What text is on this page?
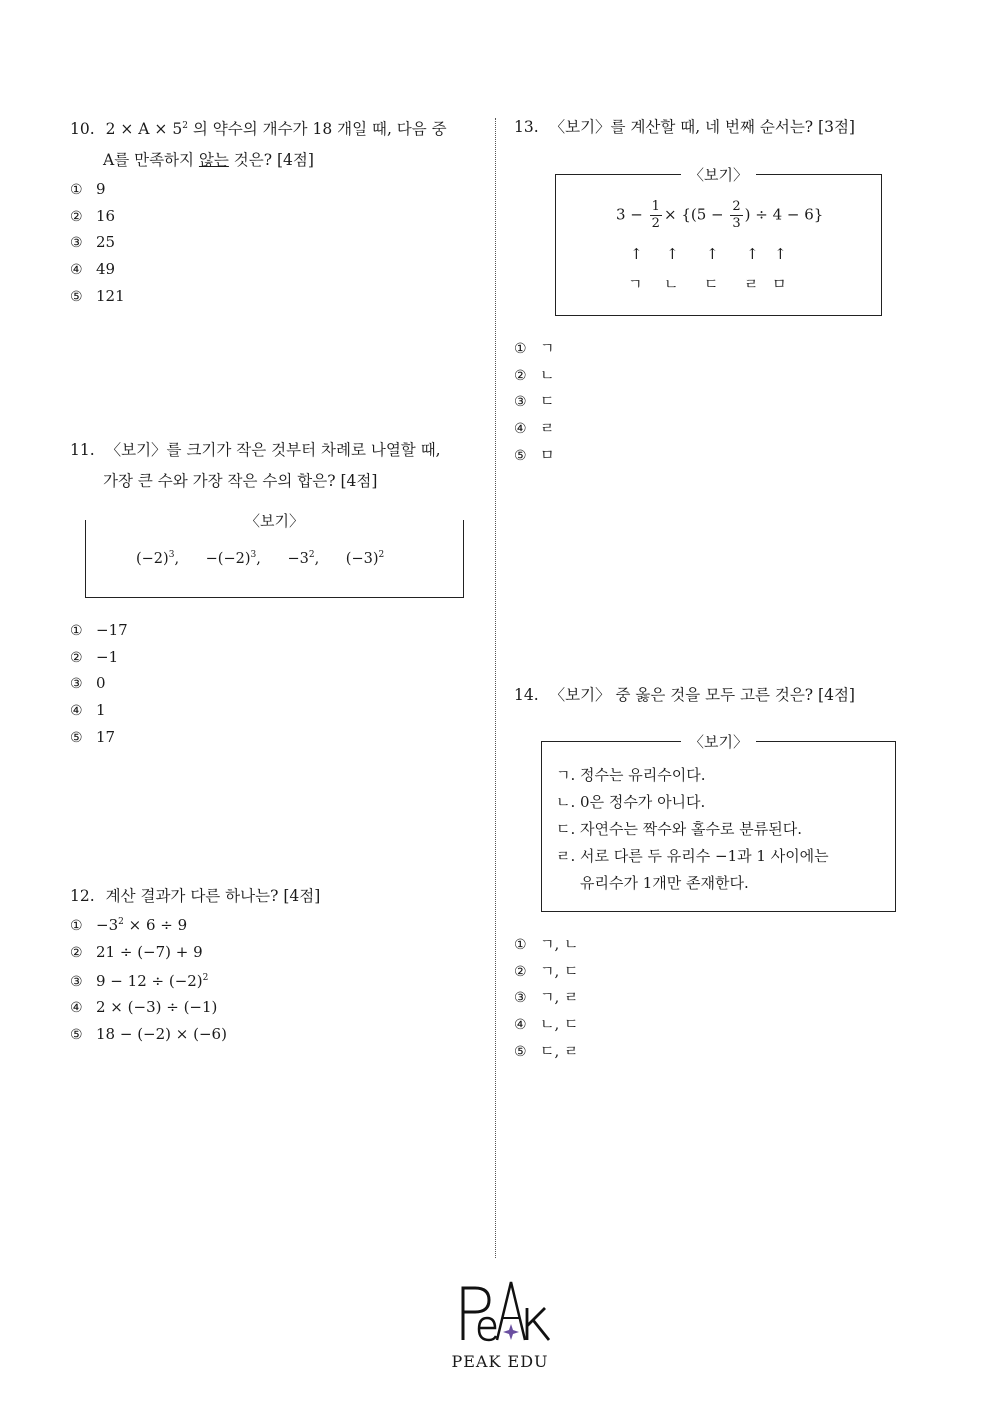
10. $2 \times A \times 5^2$ 의 약수의 개수가 18 개일 때, 다음 중
A를 만족하지 않는 것은? [4점]
① 9
② 16
③ 25
④ 49
⑤ 121
11. 〈보기〉를 크기가 작은 것부터 차례로 나열할 때,
가장 큰 수와 가장 작은 수의 합은? [4점]
〈보기〉
$(-2)^3$, $-(-2)^3$, $-3^2$, $(-3)^2$
① −17
② −1
③ 0
④ 1
⑤ 17
12. 계산 결과가 다른 하나는? [4점]
① $-3^2 \times 6 \div 9$
② 21 ÷ (−7) + 9
③ $9 - 12 \div (-2)^2$
④ 2 × (−3) ÷ (−1)
⑤ 18 − (−2) × (−6)
13. 〈보기〉를 계산할 때, 네 번째 순서는? [3점]
〈보기〉
$3 - \frac{1}{2} \times \{(5 - \frac{2}{3}$ ) ÷ 4 − 6}
↑ ↑ ↑ ↑ ↑
ㄱ ㄴ ㄷ ㄹ ㅁ
① ㄱ
② ㄴ
③ ㄷ
④ ㄹ
⑤ ㅁ
14. 〈보기〉 중 옳은 것을 모두 고른 것은? [4점]
〈보기〉
ㄱ. 정수는 유리수이다.
ㄴ. 0은 정수가 아니다.
ㄷ. 자연수는 짝수와 홀수로 분류된다.
ㄹ. 서로 다른 두 유리수 −1과 1 사이에는
유리수가 1개만 존재한다.
① ㄱ, ㄴ
② ㄱ, ㄷ
③ ㄱ, ㄹ
④ ㄴ, ㄷ
⑤ ㄷ, ㄹ
PEAK EDU
